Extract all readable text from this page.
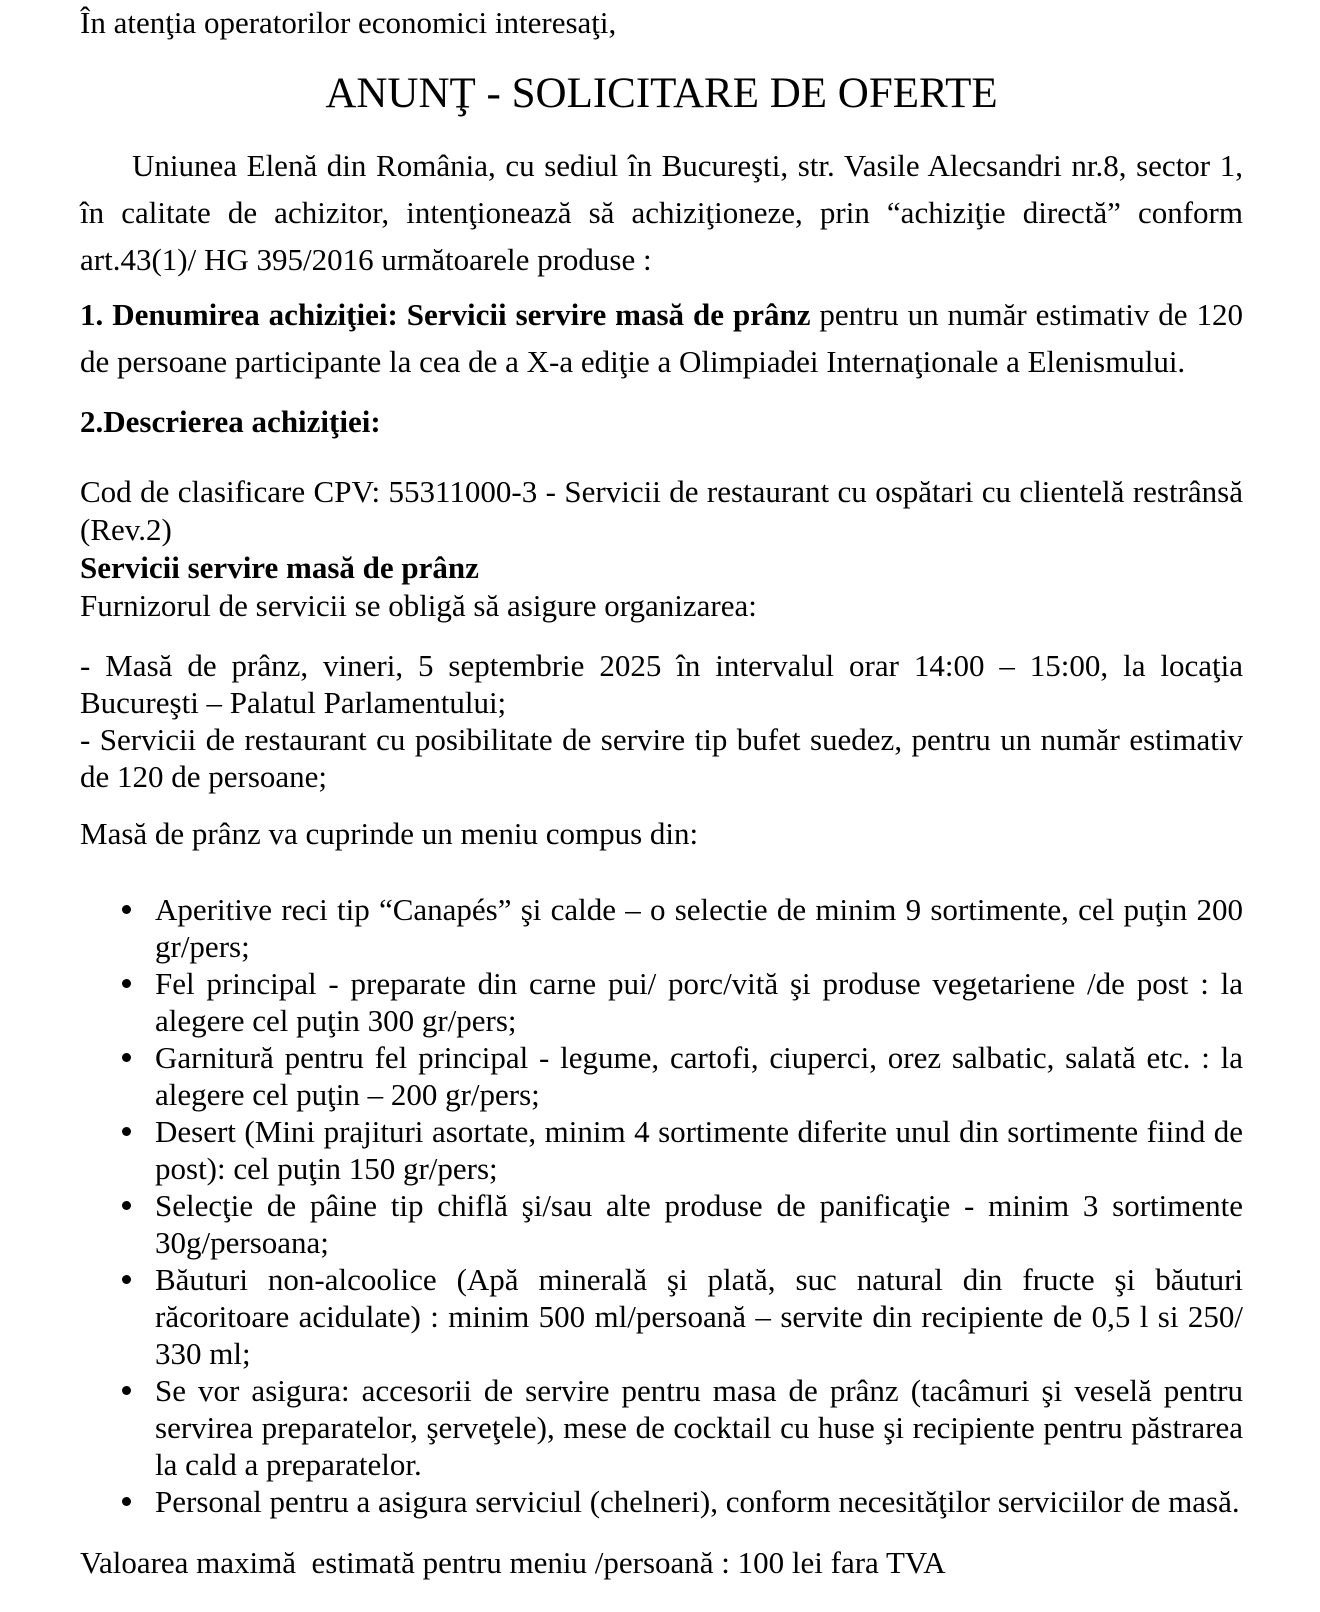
În atenţia operatorilor economici interesaţi,

ANUNŢ - SOLICITARE DE OFERTE

Uniunea Elenă din România, cu sediul în Bucureşti, str. Vasile Alecsandri nr.8, sector 1, în calitate de achizitor, intenţionează să achiziţioneze, prin “achiziţie directă” conform art.43(1)/ HG 395/2016 următoarele produse :

1. Denumirea achiziţiei: Servicii servire masă de prânz pentru un număr estimativ de 120 de persoane participante la cea de a X-a ediţie a Olimpiadei Internaţionale a Elenismului.

2.Descrierea achiziţiei:

Cod de clasificare CPV: 55311000-3 - Servicii de restaurant cu ospătari cu clientelă restrânsă (Rev.2)

Servicii servire masă de prânz

Furnizorul de servicii se obligă să asigure organizarea:

- Masă de prânz, vineri, 5 septembrie 2025 în intervalul orar 14:00 – 15:00, la locaţia Bucureşti – Palatul Parlamentului;

- Servicii de restaurant cu posibilitate de servire tip bufet suedez, pentru un număr estimativ de 120 de persoane;

Masă de prânz va cuprinde un meniu compus din:

Aperitive reci tip “Canapés” şi calde – o selectie de minim 9 sortimente, cel puţin 200 gr/pers;
Fel principal - preparate din carne pui/ porc/vită şi produse vegetariene /de post : la alegere cel puţin 300 gr/pers;
Garnitură pentru fel principal - legume, cartofi, ciuperci, orez salbatic, salată etc. : la alegere cel puţin – 200 gr/pers;
Desert (Mini prajituri asortate, minim 4 sortimente diferite unul din sortimente fiind de post): cel puţin 150 gr/pers;
Selecţie de pâine tip chiflă şi/sau alte produse de panificaţie - minim 3 sortimente 30g/persoana;
Băuturi non-alcoolice (Apă minerală şi plată, suc natural din fructe şi băuturi răcoritoare acidulate) : minim 500 ml/persoană – servite din recipiente de 0,5 l si 250/ 330 ml;
Se vor asigura: accesorii de servire pentru masa de prânz (tacâmuri şi veselă pentru servirea preparatelor, şerveţele), mese de cocktail cu huse şi recipiente pentru păstrarea la cald a preparatelor.
Personal pentru a asigura serviciul (chelneri), conform necesităţilor serviciilor de masă.

Valoarea maximă  estimată pentru meniu /persoană : 100 lei fara TVA
